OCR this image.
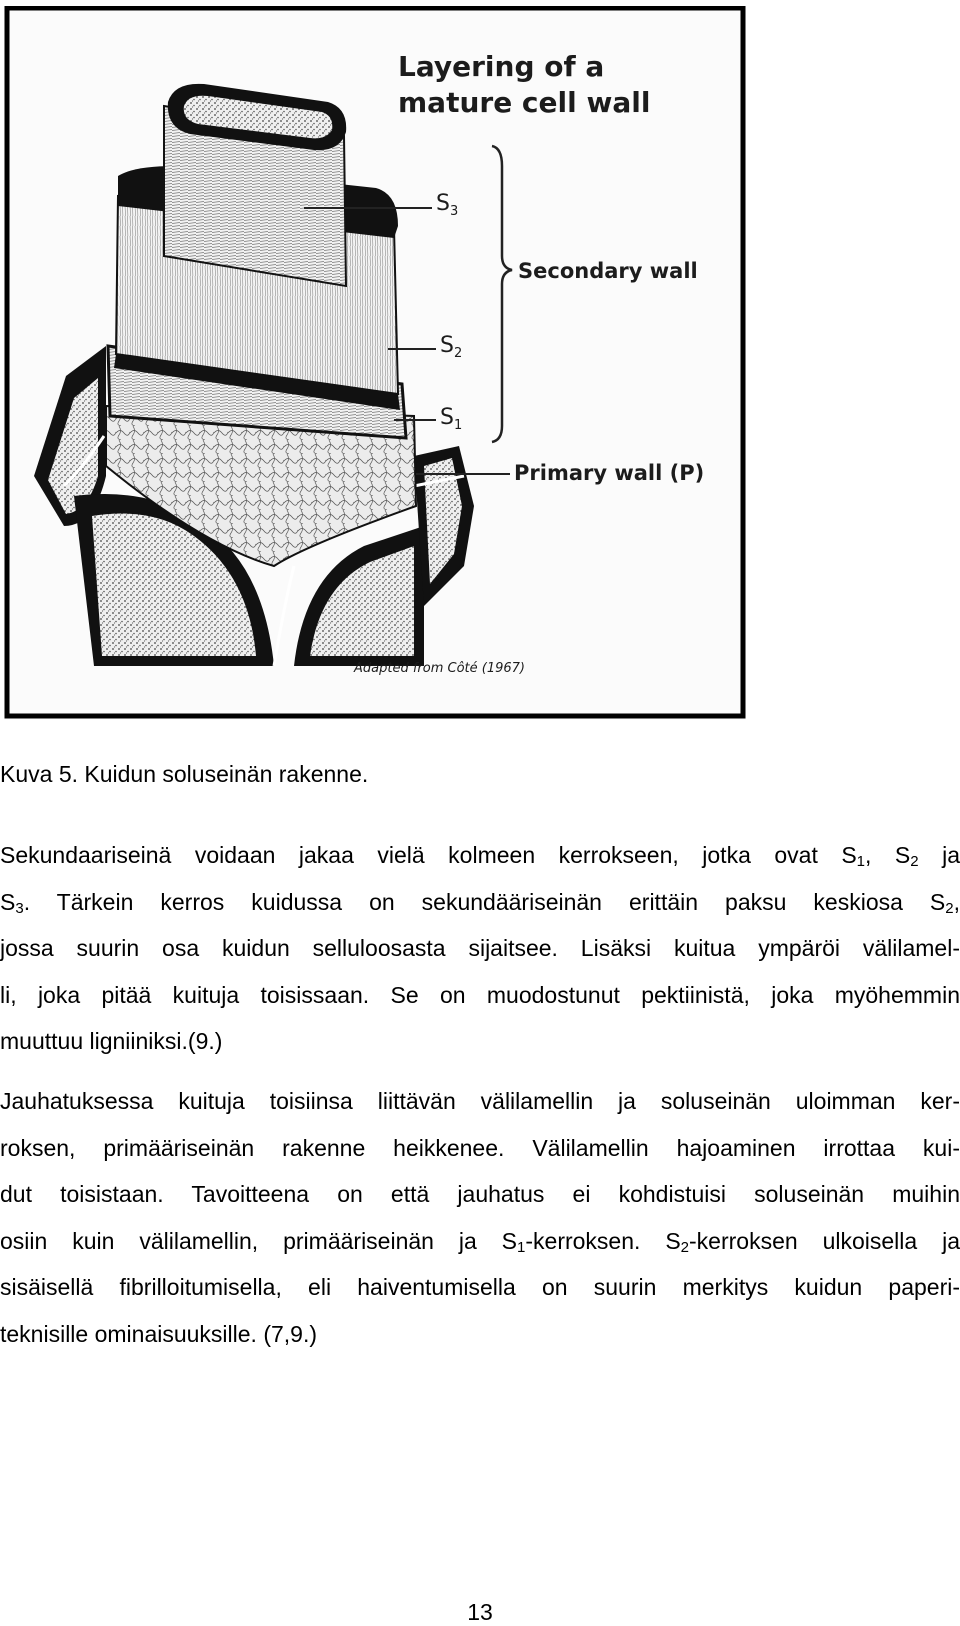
Layering of a
mature cell wall
$S_3$
$S_2$
$S_1$
Secondary wall
Primary wall (P)
Adapted from Côté (1967)
Kuva 5. Kuidun soluseinän rakenne.
Sekundaariseinä voidaan jakaa vielä kolmeen kerrokseen, jotka ovat $S_1$, $S_2$ ja
$S_3$. Tärkein kerros kuidussa on sekundääriseinän erittäin paksu keskiosa $S_2$,
jossa suurin osa kuidun selluloosasta sijaitsee. Lisäksi kuitua ympäröi välilamel-
li, joka pitää kuituja toisissaan. Se on muodostunut pektiinistä, joka myöhemmin
muuttuu ligniiniksi.(9.)
Jauhatuksessa kuituja toisiinsa liittävän välilamellin ja soluseinän uloimman ker-
roksen, primääriseinän rakenne heikkenee. Välilamellin hajoaminen irrottaa kui-
dut toisistaan. Tavoitteena on että jauhatus ei kohdistuisi soluseinän muihin
osiin kuin välilamellin, primääriseinän ja $S_1$-kerroksen. $S_2$-kerroksen ulkoisella ja
sisäisellä fibrilloitumisella, eli haiventumisella on suurin merkitys kuidun paperi-
teknisille ominaisuuksille. (7,9.)
13
